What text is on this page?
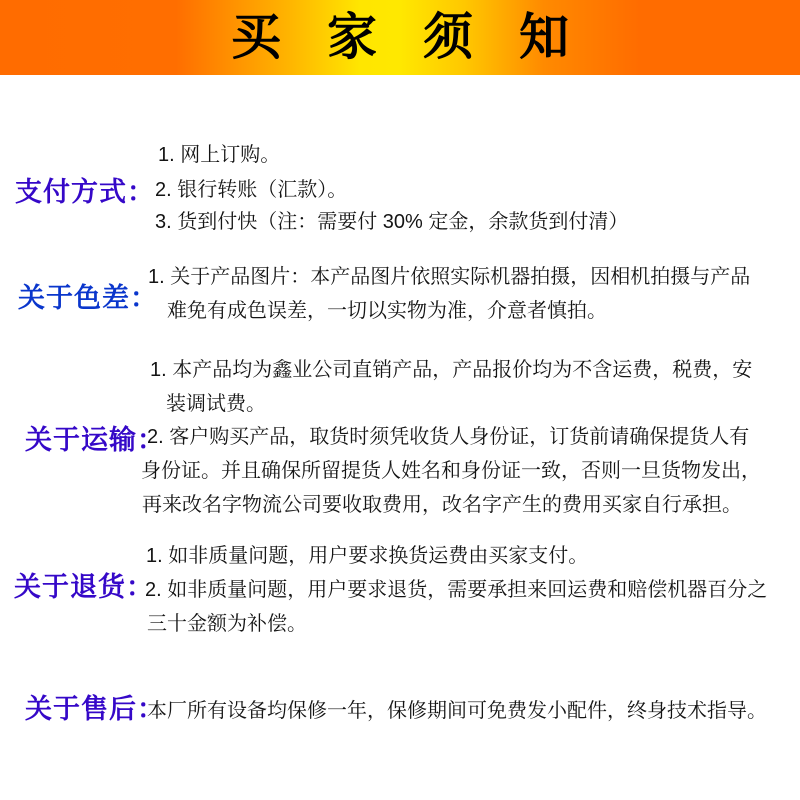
买家须知
支付方式：
1. 网上订购。
2. 银行转账（汇款）。
3. 货到付快（注：需要付 30% 定金，余款货到付清）
关于色差：
1. 关于产品图片：本产品图片依照实际机器拍摄，因相机拍摄与产品
难免有成色误差，一切以实物为准，介意者慎拍。
关于运输：
1. 本产品均为鑫业公司直销产品，产品报价均为不含运费，税费，安
装调试费。
2. 客户购买产品，取货时须凭收货人身份证，订货前请确保提货人有
身份证。并且确保所留提货人姓名和身份证一致，否则一旦货物发出，
再来改名字物流公司要收取费用，改名字产生的费用买家自行承担。
关于退货：
1. 如非质量问题，用户要求换货运费由买家支付。
2. 如非质量问题，用户要求退货，需要承担来回运费和赔偿机器百分之
三十金额为补偿。
关于售后：
本厂所有设备均保修一年，保修期间可免费发小配件，终身技术指导。
